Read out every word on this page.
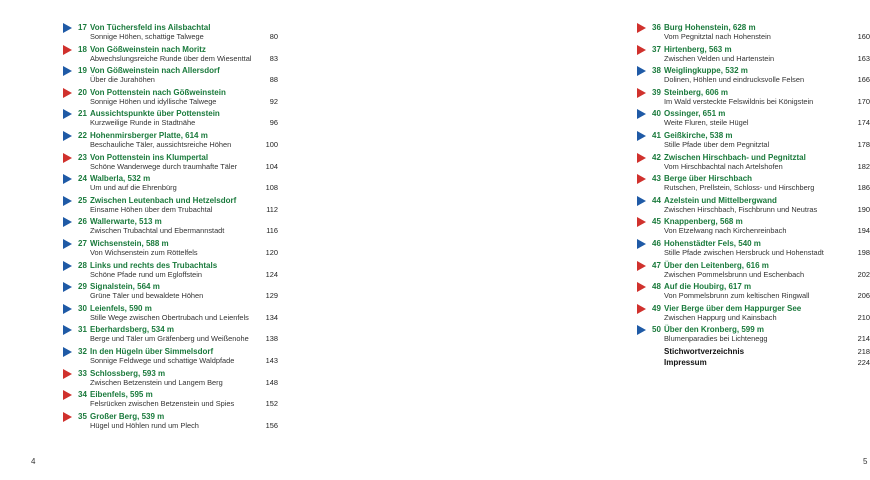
17 Von Tüchersfeld ins Ailsbachtal
Sonnige Höhen, schattige Talwege	80
18 Von Gößweinstein nach Moritz
Abwechslungsreiche Runde über dem Wiesenttal 83
19 Von Gößweinstein nach Allersdorf
Über die Jurahöhen	88
20 Von Pottenstein nach Gößweinstein
Sonnige Höhen und idyllische Talwege	92
21 Aussichtspunkte über Pottenstein
Kurzweilige Runde in Stadtnähe	96
22 Hohenmirsberger Platte, 614 m
Beschauliche Täler, aussichtsreiche Höhen	100
23 Von Pottenstein ins Klumpertal
Schöne Wanderwege durch traumhafte Täler	104
24 Walberla, 532 m
Um und auf die Ehrenbürg	108
25 Zwischen Leutenbach und Hetzelsdorf
Einsame Höhen über dem Trubachtal	112
26 Wallerwarte, 513 m
Zwischen Trubachtal und Ebermannstadt	116
27 Wichsenstein, 588 m
Von Wichsenstein zum Röttelfels	120
28 Links und rechts des Trubachtals
Schöne Pfade rund um Egloffstein	124
29 Signalstein, 564 m
Grüne Täler und bewaldete Höhen	129
30 Leienfels, 590 m
Stille Wege zwischen Obertrubach und Leienfels 134
31 Eberhardsberg, 534 m
Berge und Täler um Gräfenberg und Weißenohe 138
32 In den Hügeln über Simmelsdorf
Sonnige Feldwege und schattige Waldpfade	143
33 Schlossberg, 593 m
Zwischen Betzenstein und Langem Berg	148
34 Eibenfels, 595 m
Felsrücken zwischen Betzenstein und Spies	152
35 Großer Berg, 539 m
Hügel und Höhlen rund um Plech	156
4
36 Burg Hohenstein, 628 m
Vom Pegnitztal nach Hohenstein	160
37 Hirtenberg, 563 m
Zwischen Velden und Hartenstein	163
38 Weiglingkuppe, 532 m
Dolinen, Höhlen und eindrucksvolle Felsen	166
39 Steinberg, 606 m
Im Wald versteckte Felswildnis bei Königstein	170
40 Ossinger, 651 m
Weite Fluren, steile Hügel	174
41 Geißkirche, 538 m
Stille Pfade über dem Pegnitztal	178
42 Zwischen Hirschbach- und Pegnitztal
Vom Hirschbachtal nach Artelshofen	182
43 Berge über Hirschbach
Rutschen, Prellstein, Schloss- und Hirschberg	186
44 Azelstein und Mittelbergwand
Zwischen Hirschbach, Fischbrunn und Neutras	190
45 Knappenberg, 568 m
Von Etzelwang nach Kirchenreinbach	194
46 Hohenstädter Fels, 540 m
Stille Pfade zwischen Hersbruck und Hohenstadt	198
47 Über den Leitenberg, 616 m
Zwischen Pommelsbrunn und Eschenbach	202
48 Auf die Houbirg, 617 m
Von Pommelsbrunn zum keltischen Ringwall	206
49 Vier Berge über dem Happurger See
Zwischen Happurg und Kainsbach	210
50 Über den Kronberg, 599 m
Blumenparadies bei Lichtenegg	214
Stichwortverzeichnis	218
Impressum	224
5
